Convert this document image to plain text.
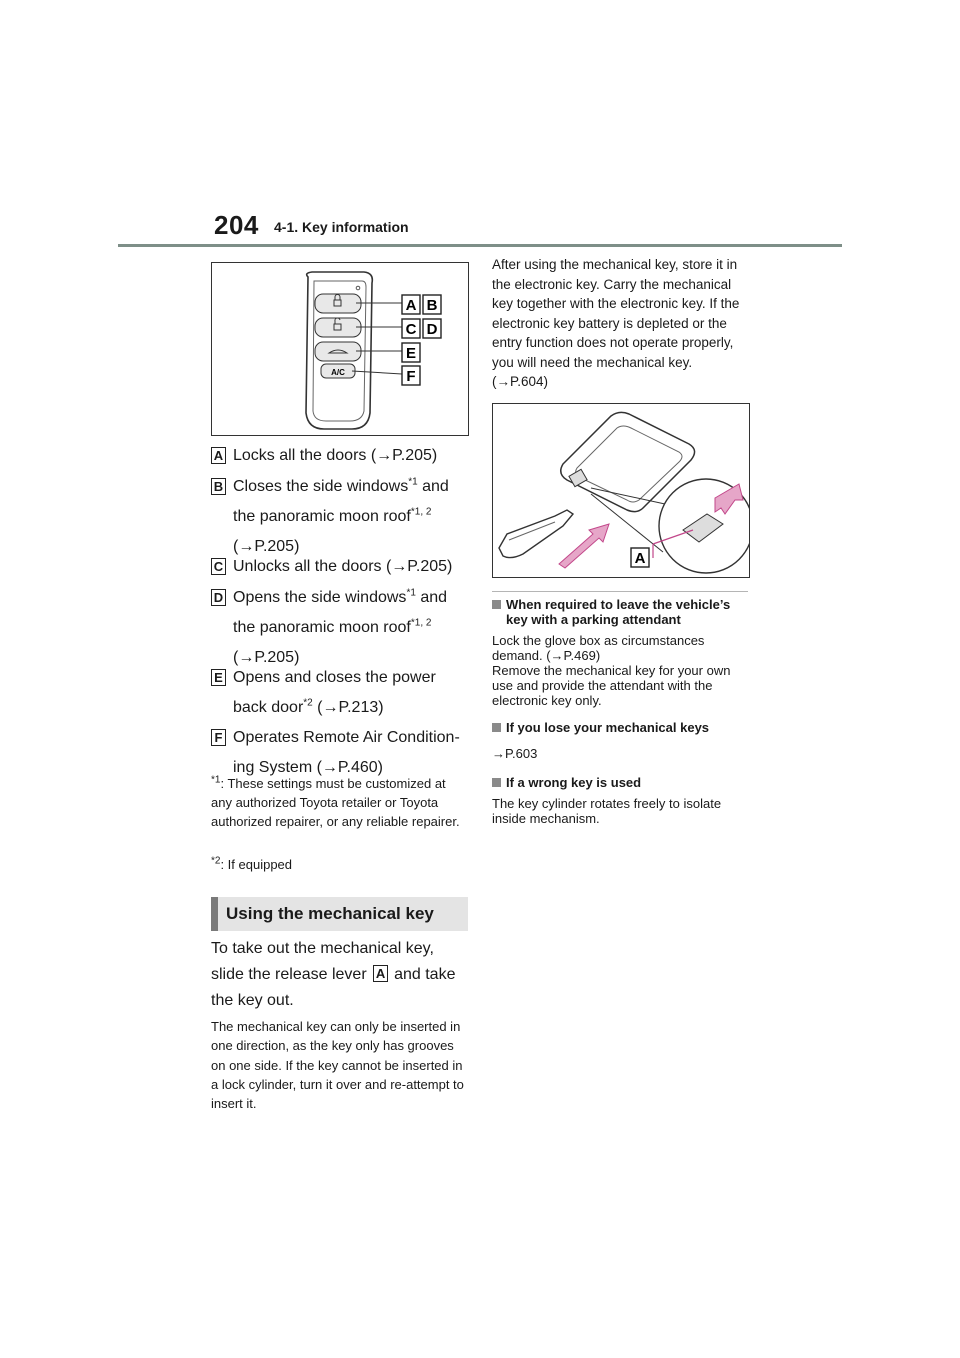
204 4-1. Key information
A/C
A B
C D
E
F
A Locks all the doors (→P.205)
B Closes the side windows$^{*1}$ and
the panoramic moon roof$^{*1, 2}$
(→P.205)
C Unlocks all the doors (→P.205)
D Opens the side windows$^{*1}$ and
the panoramic moon roof$^{*1, 2}$
(→P.205)
E Opens and closes the power
back door$^{*2}$ (→P.213)
F Operates Remote Air Condition-
ing System (→P.460)
$^{*1}$: These settings must be customized at any authorized Toyota retailer or Toyota authorized repairer, or any reliable repairer.
$^{*2}$: If equipped
Using the mechanical key
To take out the mechanical key,
slide the release lever A and take
the key out.
The mechanical key can only be inserted in one direction, as the key only has grooves on one side. If the key cannot be inserted in a lock cylinder, turn it over and re-attempt to insert it.
After using the mechanical key, store it in the electronic key. Carry the mechanical key together with the electronic key. If the electronic key battery is depleted or the entry function does not operate properly, you will need the mechanical key. (→P.604)
A
When required to leave the vehicle’s key with a parking attendant
Lock the glove box as circumstances demand. (→P.469)
Remove the mechanical key for your own use and provide the attendant with the electronic key only.
If you lose your mechanical keys
→P.603
If a wrong key is used
The key cylinder rotates freely to isolate inside mechanism.
